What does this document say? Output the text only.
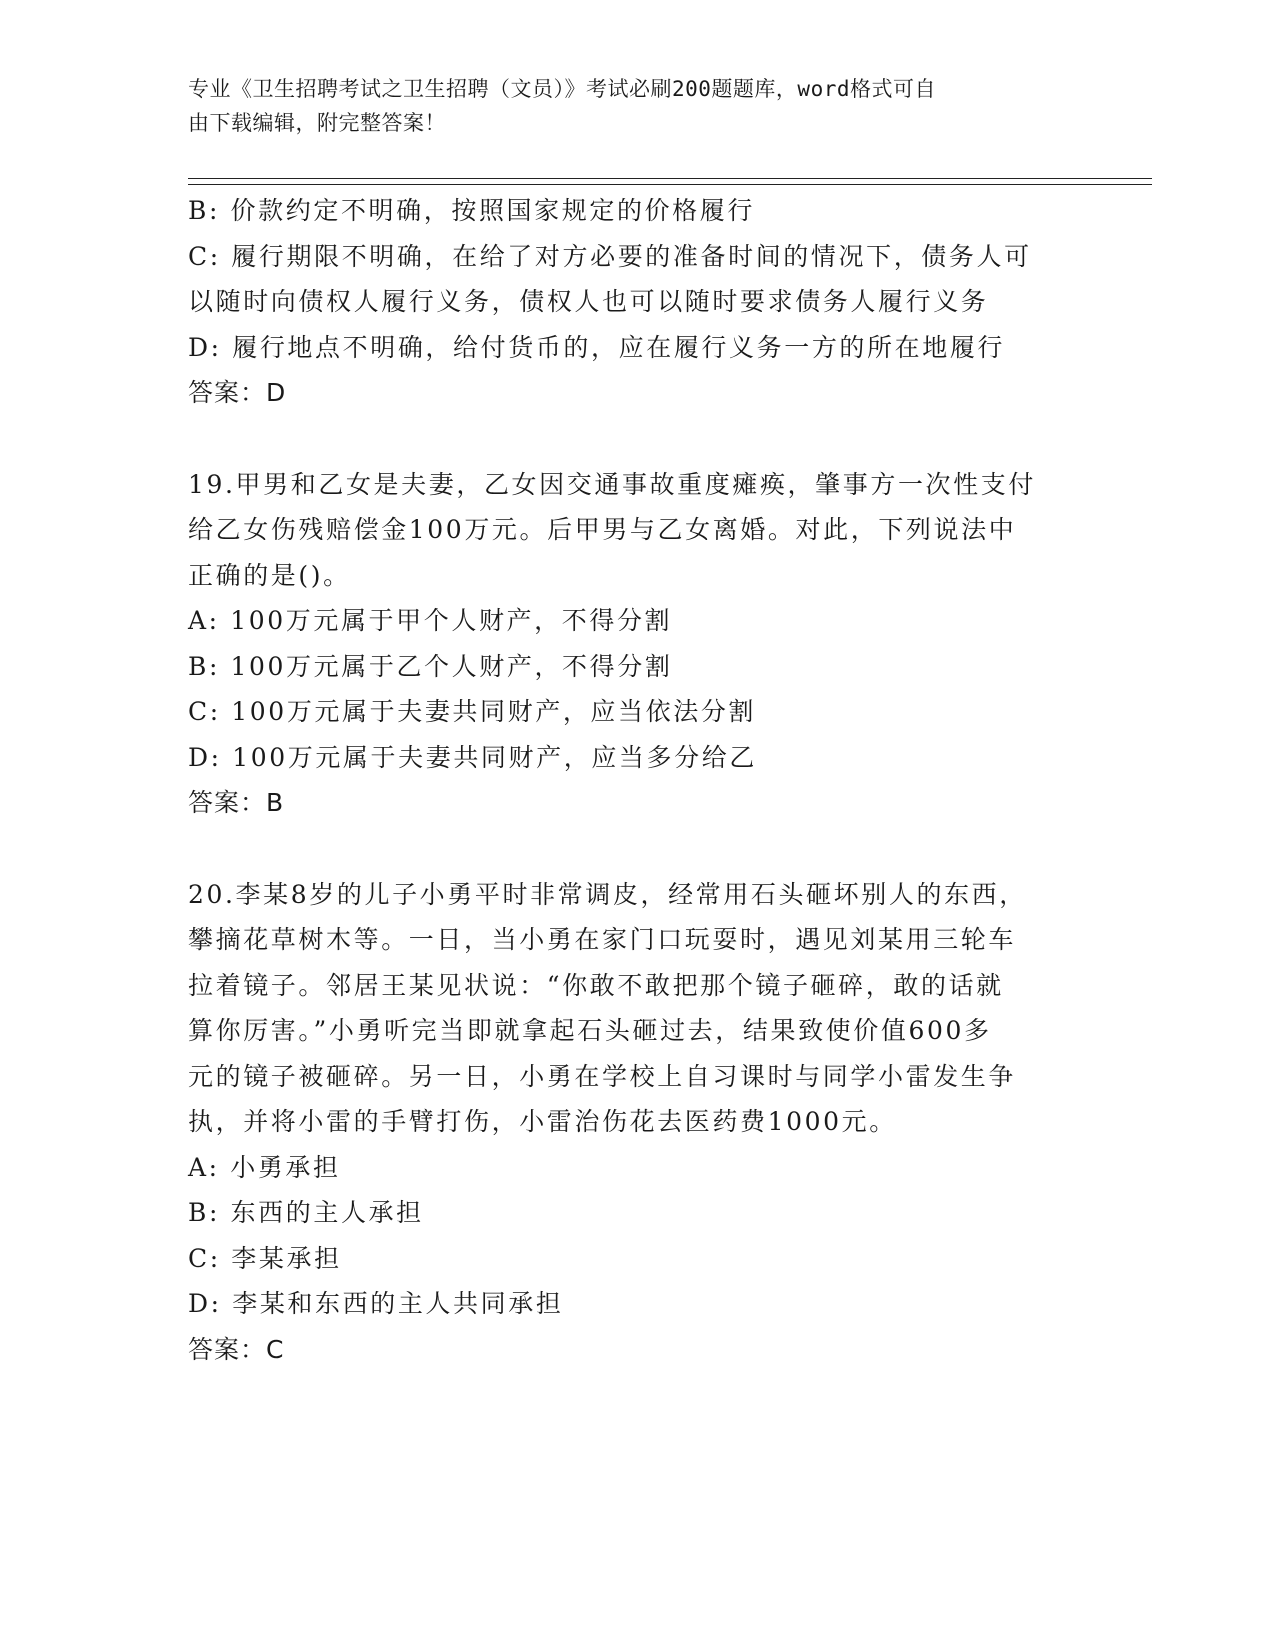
专业《卫生招聘考试之卫生招聘（文员）》考试必刷200题题库，word格式可自
由下载编辑，附完整答案！

B: 价款约定不明确，按照国家规定的价格履行

C: 履行期限不明确，在给了对方必要的准备时间的情况下，债务人可

以随时向债权人履行义务，债权人也可以随时要求债务人履行义务

D: 履行地点不明确，给付货币的，应在履行义务一方的所在地履行

答案：D

19.甲男和乙女是夫妻，乙女因交通事故重度瘫痪，肇事方一次性支付

给乙女伤残赔偿金100万元。后甲男与乙女离婚。对此，下列说法中

正确的是()。

A: 100万元属于甲个人财产，不得分割

B: 100万元属于乙个人财产，不得分割

C: 100万元属于夫妻共同财产，应当依法分割

D: 100万元属于夫妻共同财产，应当多分给乙

答案：B

20.李某8岁的儿子小勇平时非常调皮，经常用石头砸坏别人的东西，

攀摘花草树木等。一日，当小勇在家门口玩耍时，遇见刘某用三轮车

拉着镜子。邻居王某见状说：“你敢不敢把那个镜子砸碎，敢的话就

算你厉害。”小勇听完当即就拿起石头砸过去，结果致使价值600多

元的镜子被砸碎。另一日，小勇在学校上自习课时与同学小雷发生争

执，并将小雷的手臂打伤，小雷治伤花去医药费1000元。

A: 小勇承担

B: 东西的主人承担

C: 李某承担

D: 李某和东西的主人共同承担

答案：C
